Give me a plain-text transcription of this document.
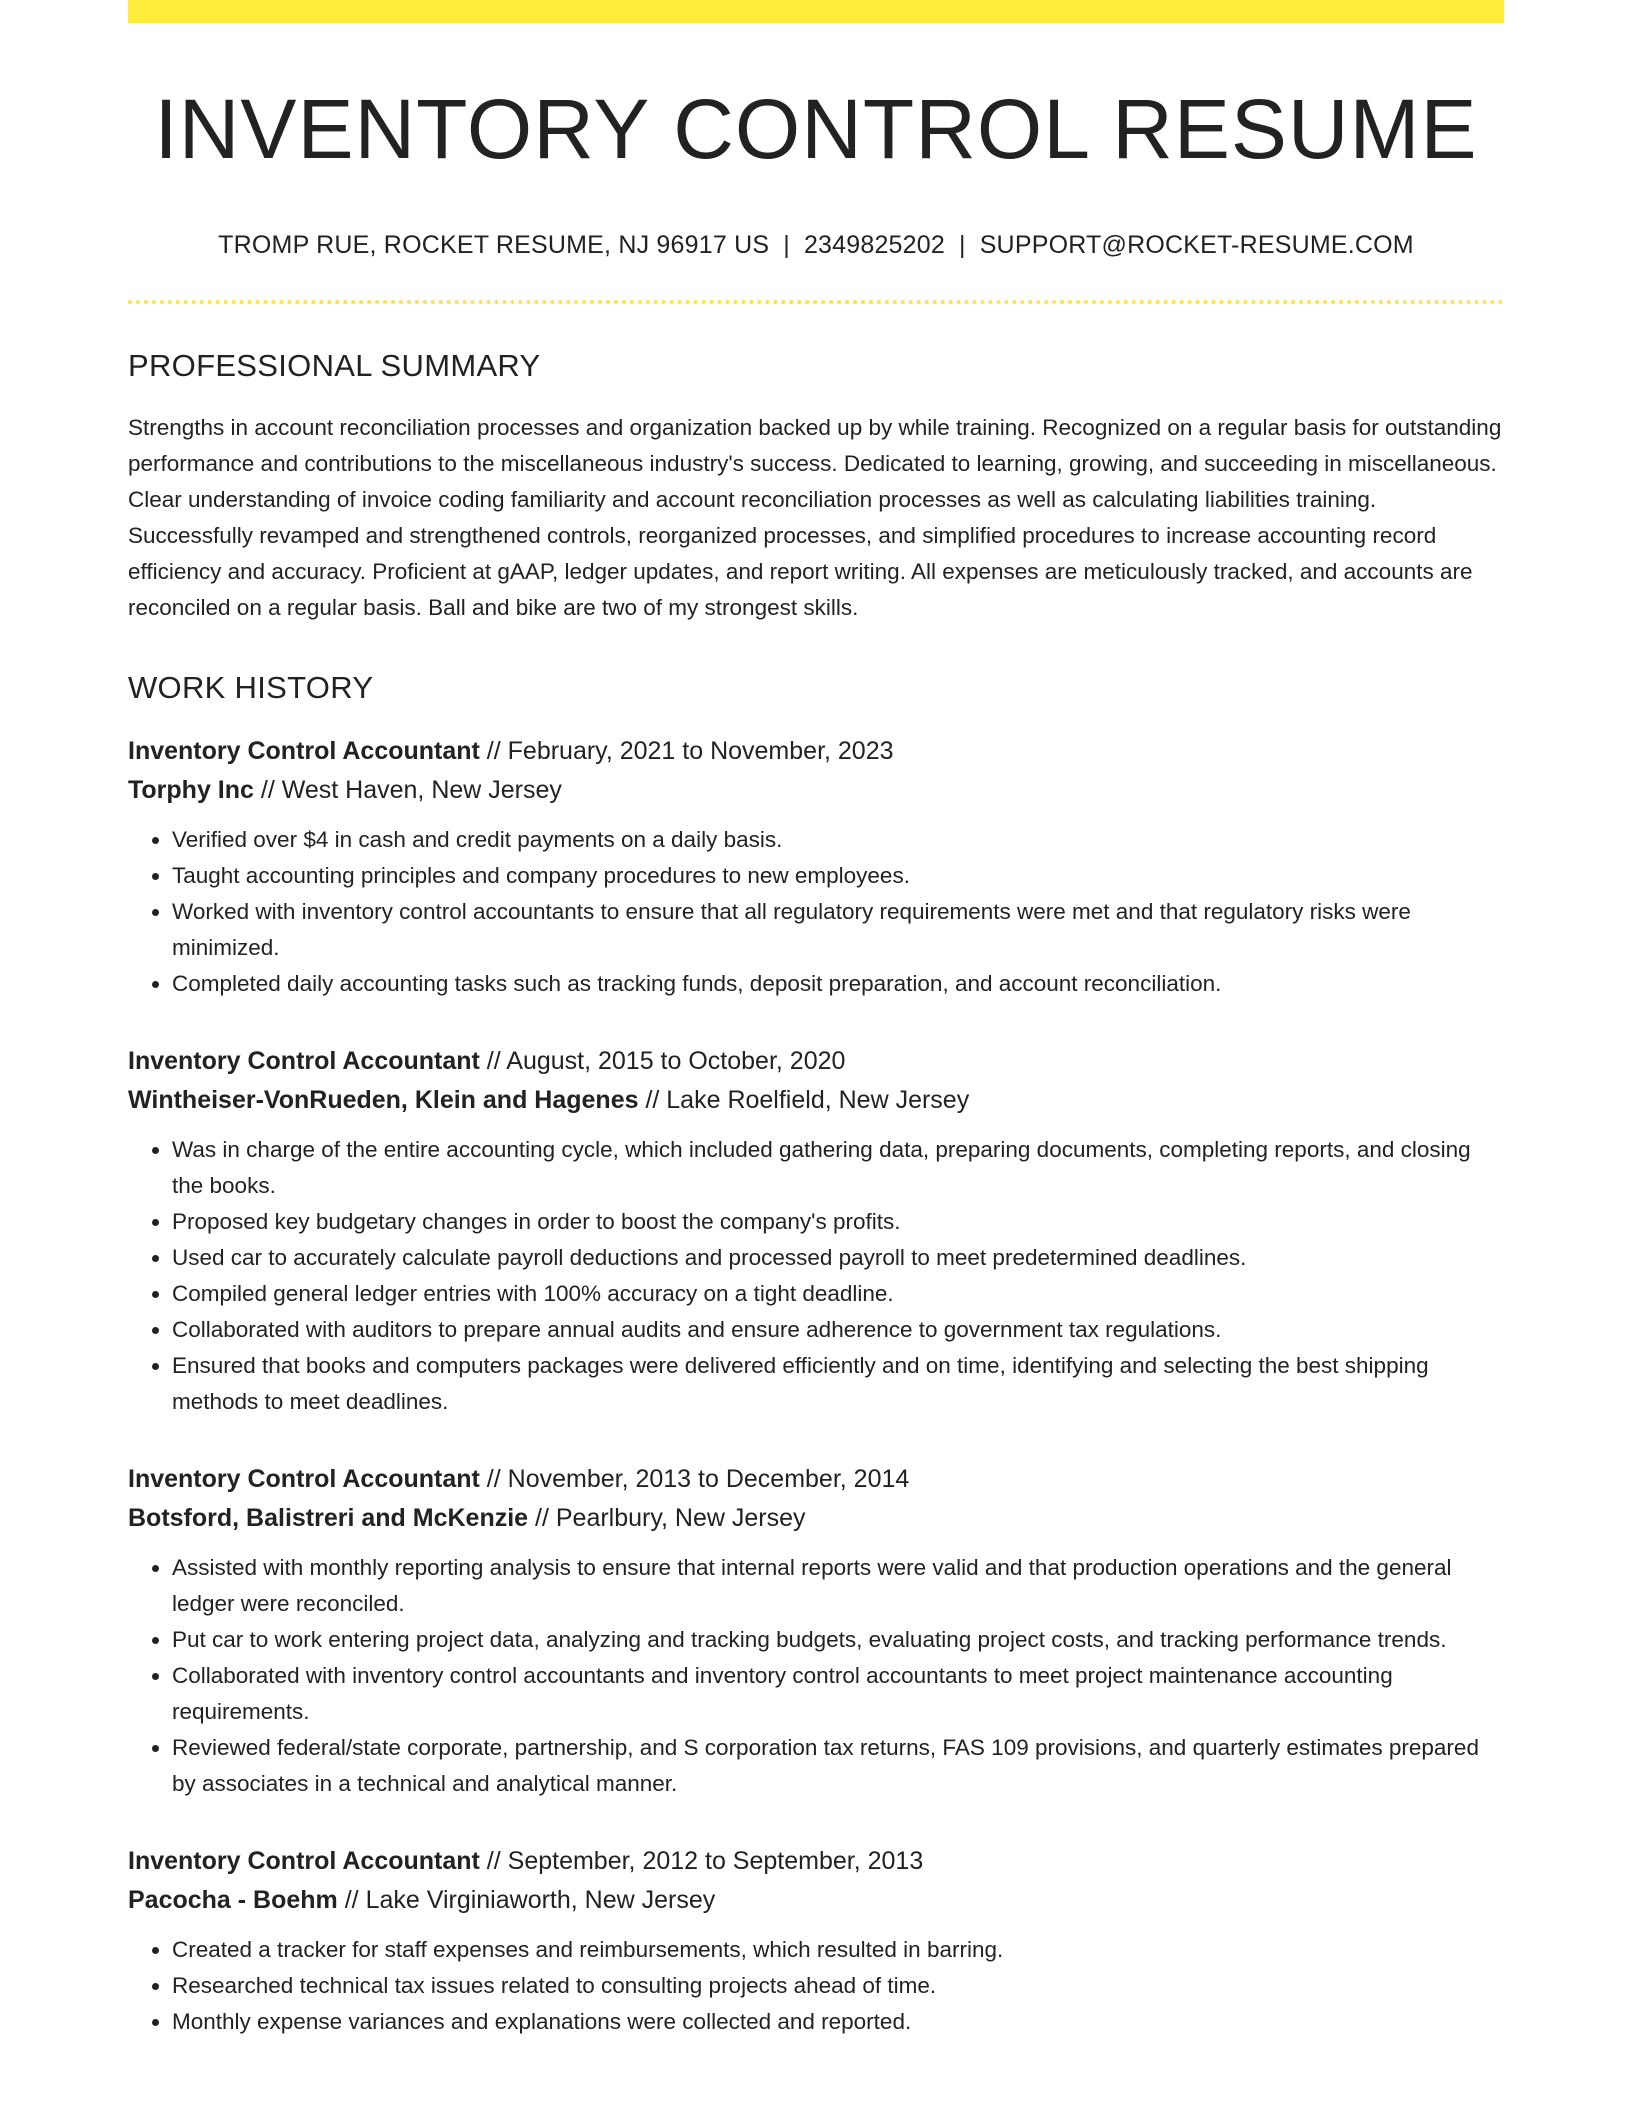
INVENTORY CONTROL RESUME
TROMP RUE, ROCKET RESUME, NJ 96917 US | 2349825202 | SUPPORT@ROCKET-RESUME.COM
PROFESSIONAL SUMMARY
Strengths in account reconciliation processes and organization backed up by while training. Recognized on a regular basis for outstanding performance and contributions to the miscellaneous industry's success. Dedicated to learning, growing, and succeeding in miscellaneous. Clear understanding of invoice coding familiarity and account reconciliation processes as well as calculating liabilities training. Successfully revamped and strengthened controls, reorganized processes, and simplified procedures to increase accounting record efficiency and accuracy. Proficient at gAAP, ledger updates, and report writing. All expenses are meticulously tracked, and accounts are reconciled on a regular basis. Ball and bike are two of my strongest skills.
WORK HISTORY
Inventory Control Accountant // February, 2021 to November, 2023
Torphy Inc // West Haven, New Jersey
• Verified over $4 in cash and credit payments on a daily basis.
• Taught accounting principles and company procedures to new employees.
• Worked with inventory control accountants to ensure that all regulatory requirements were met and that regulatory risks were minimized.
• Completed daily accounting tasks such as tracking funds, deposit preparation, and account reconciliation.
Inventory Control Accountant // August, 2015 to October, 2020
Wintheiser-VonRueden, Klein and Hagenes // Lake Roelfield, New Jersey
• Was in charge of the entire accounting cycle, which included gathering data, preparing documents, completing reports, and closing the books.
• Proposed key budgetary changes in order to boost the company's profits.
• Used car to accurately calculate payroll deductions and processed payroll to meet predetermined deadlines.
• Compiled general ledger entries with 100% accuracy on a tight deadline.
• Collaborated with auditors to prepare annual audits and ensure adherence to government tax regulations.
• Ensured that books and computers packages were delivered efficiently and on time, identifying and selecting the best shipping methods to meet deadlines.
Inventory Control Accountant // November, 2013 to December, 2014
Botsford, Balistreri and McKenzie // Pearlbury, New Jersey
• Assisted with monthly reporting analysis to ensure that internal reports were valid and that production operations and the general ledger were reconciled.
• Put car to work entering project data, analyzing and tracking budgets, evaluating project costs, and tracking performance trends.
• Collaborated with inventory control accountants and inventory control accountants to meet project maintenance accounting requirements.
• Reviewed federal/state corporate, partnership, and S corporation tax returns, FAS 109 provisions, and quarterly estimates prepared by associates in a technical and analytical manner.
Inventory Control Accountant // September, 2012 to September, 2013
Pacocha - Boehm // Lake Virginiaworth, New Jersey
• Created a tracker for staff expenses and reimbursements, which resulted in barring.
• Researched technical tax issues related to consulting projects ahead of time.
• Monthly expense variances and explanations were collected and reported.
